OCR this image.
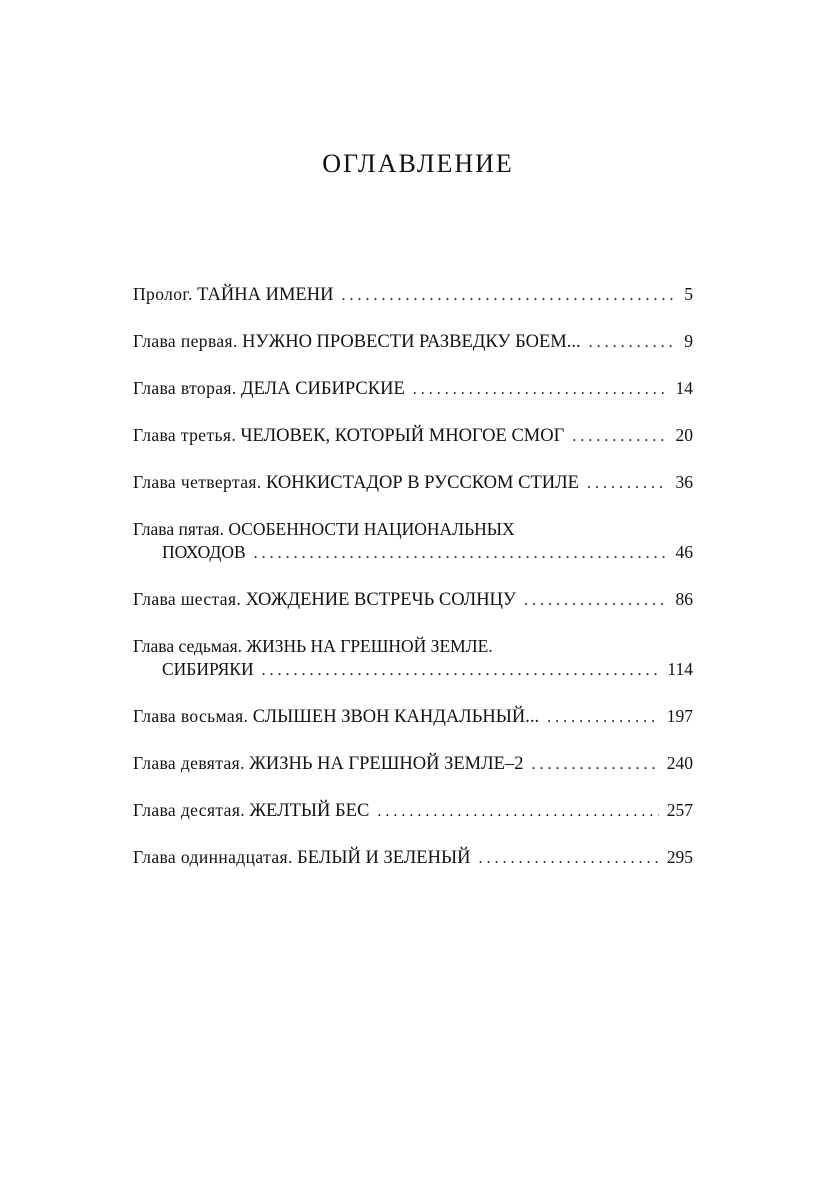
ОГЛАВЛЕНИЕ
Пролог. ТАЙНА ИМЕНИ . . .	5
Глава первая. НУЖНО ПРОВЕСТИ РАЗВЕДКУ БОЕМ... . . .	9
Глава вторая. ДЕЛА СИБИРСКИЕ . . .	14
Глава третья. ЧЕЛОВЕК, КОТОРЫЙ МНОГОЕ СМОГ . . .	20
Глава четвертая. КОНКИСТАДОР В РУССКОМ СТИЛЕ . . .	36
Глава пятая. ОСОБЕННОСТИ НАЦИОНАЛЬНЫХ
ПОХОДОВ . . .	46
Глава шестая. ХОЖДЕНИЕ ВСТРЕЧЬ СОЛНЦУ . . .	86
Глава седьмая. ЖИЗНЬ НА ГРЕШНОЙ ЗЕМЛЕ.
СИБИРЯКИ . . .	114
Глава восьмая. СЛЫШЕН ЗВОН КАНДАЛЬНЫЙ... . . .	197
Глава девятая. ЖИЗНЬ НА ГРЕШНОЙ ЗЕМЛЕ–2 . . .	240
Глава десятая. ЖЕЛТЫЙ БЕС . . .	257
Глава одиннадцатая. БЕЛЫЙ И ЗЕЛЕНЫЙ . . .	295
